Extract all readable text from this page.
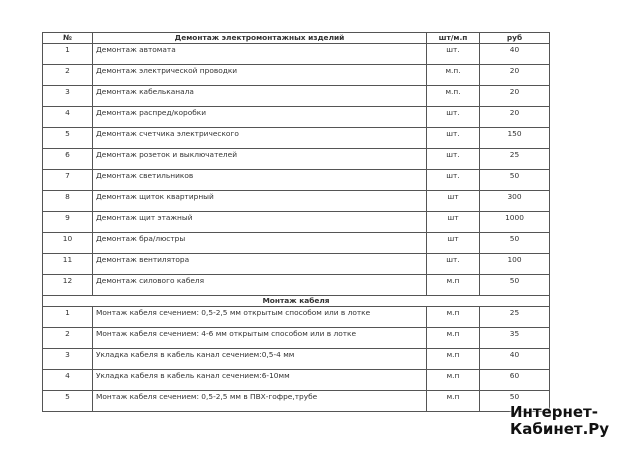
№	Демонтаж электромонтажных изделий	шт/м.п	руб
1	Демонтаж автомата	шт.	40
2	Демонтаж электрической проводки	м.п.	20
3	Демонтаж кабельканала	м.п.	20
4	Демонтаж распред/коробки	шт.	20
5	Демонтаж счетчика электрического	шт.	150
6	Демонтаж розеток и выключателей	шт.	25
7	Демонтаж светильников	шт.	50
8	Демонтаж щиток квартирный	шт	300
9	Демонтаж щит этажный	шт	1000
10	Демонтаж бра/люстры	шт	50
11	Демонтаж вентилятора	шт.	100
12	Демонтаж силового кабеля	м.п	50
Монтаж кабеля			
1	Монтаж кабеля сечением: 0,5-2,5 мм открытым способом или в лотке	м.п	25
2	Монтаж кабеля сечением: 4-6 мм открытым способом или в лотке	м.п	35
3	Укладка кабеля в кабель канал сечением:0,5-4 мм	м.п	40
4	Укладка кабеля в кабель канал сечением:6-10мм	м.п	60
5	Монтаж кабеля сечением: 0,5-2,5 мм в ПВХ-гофре,трубе	м.п	50
Интернет-
Кабинет.Ру
